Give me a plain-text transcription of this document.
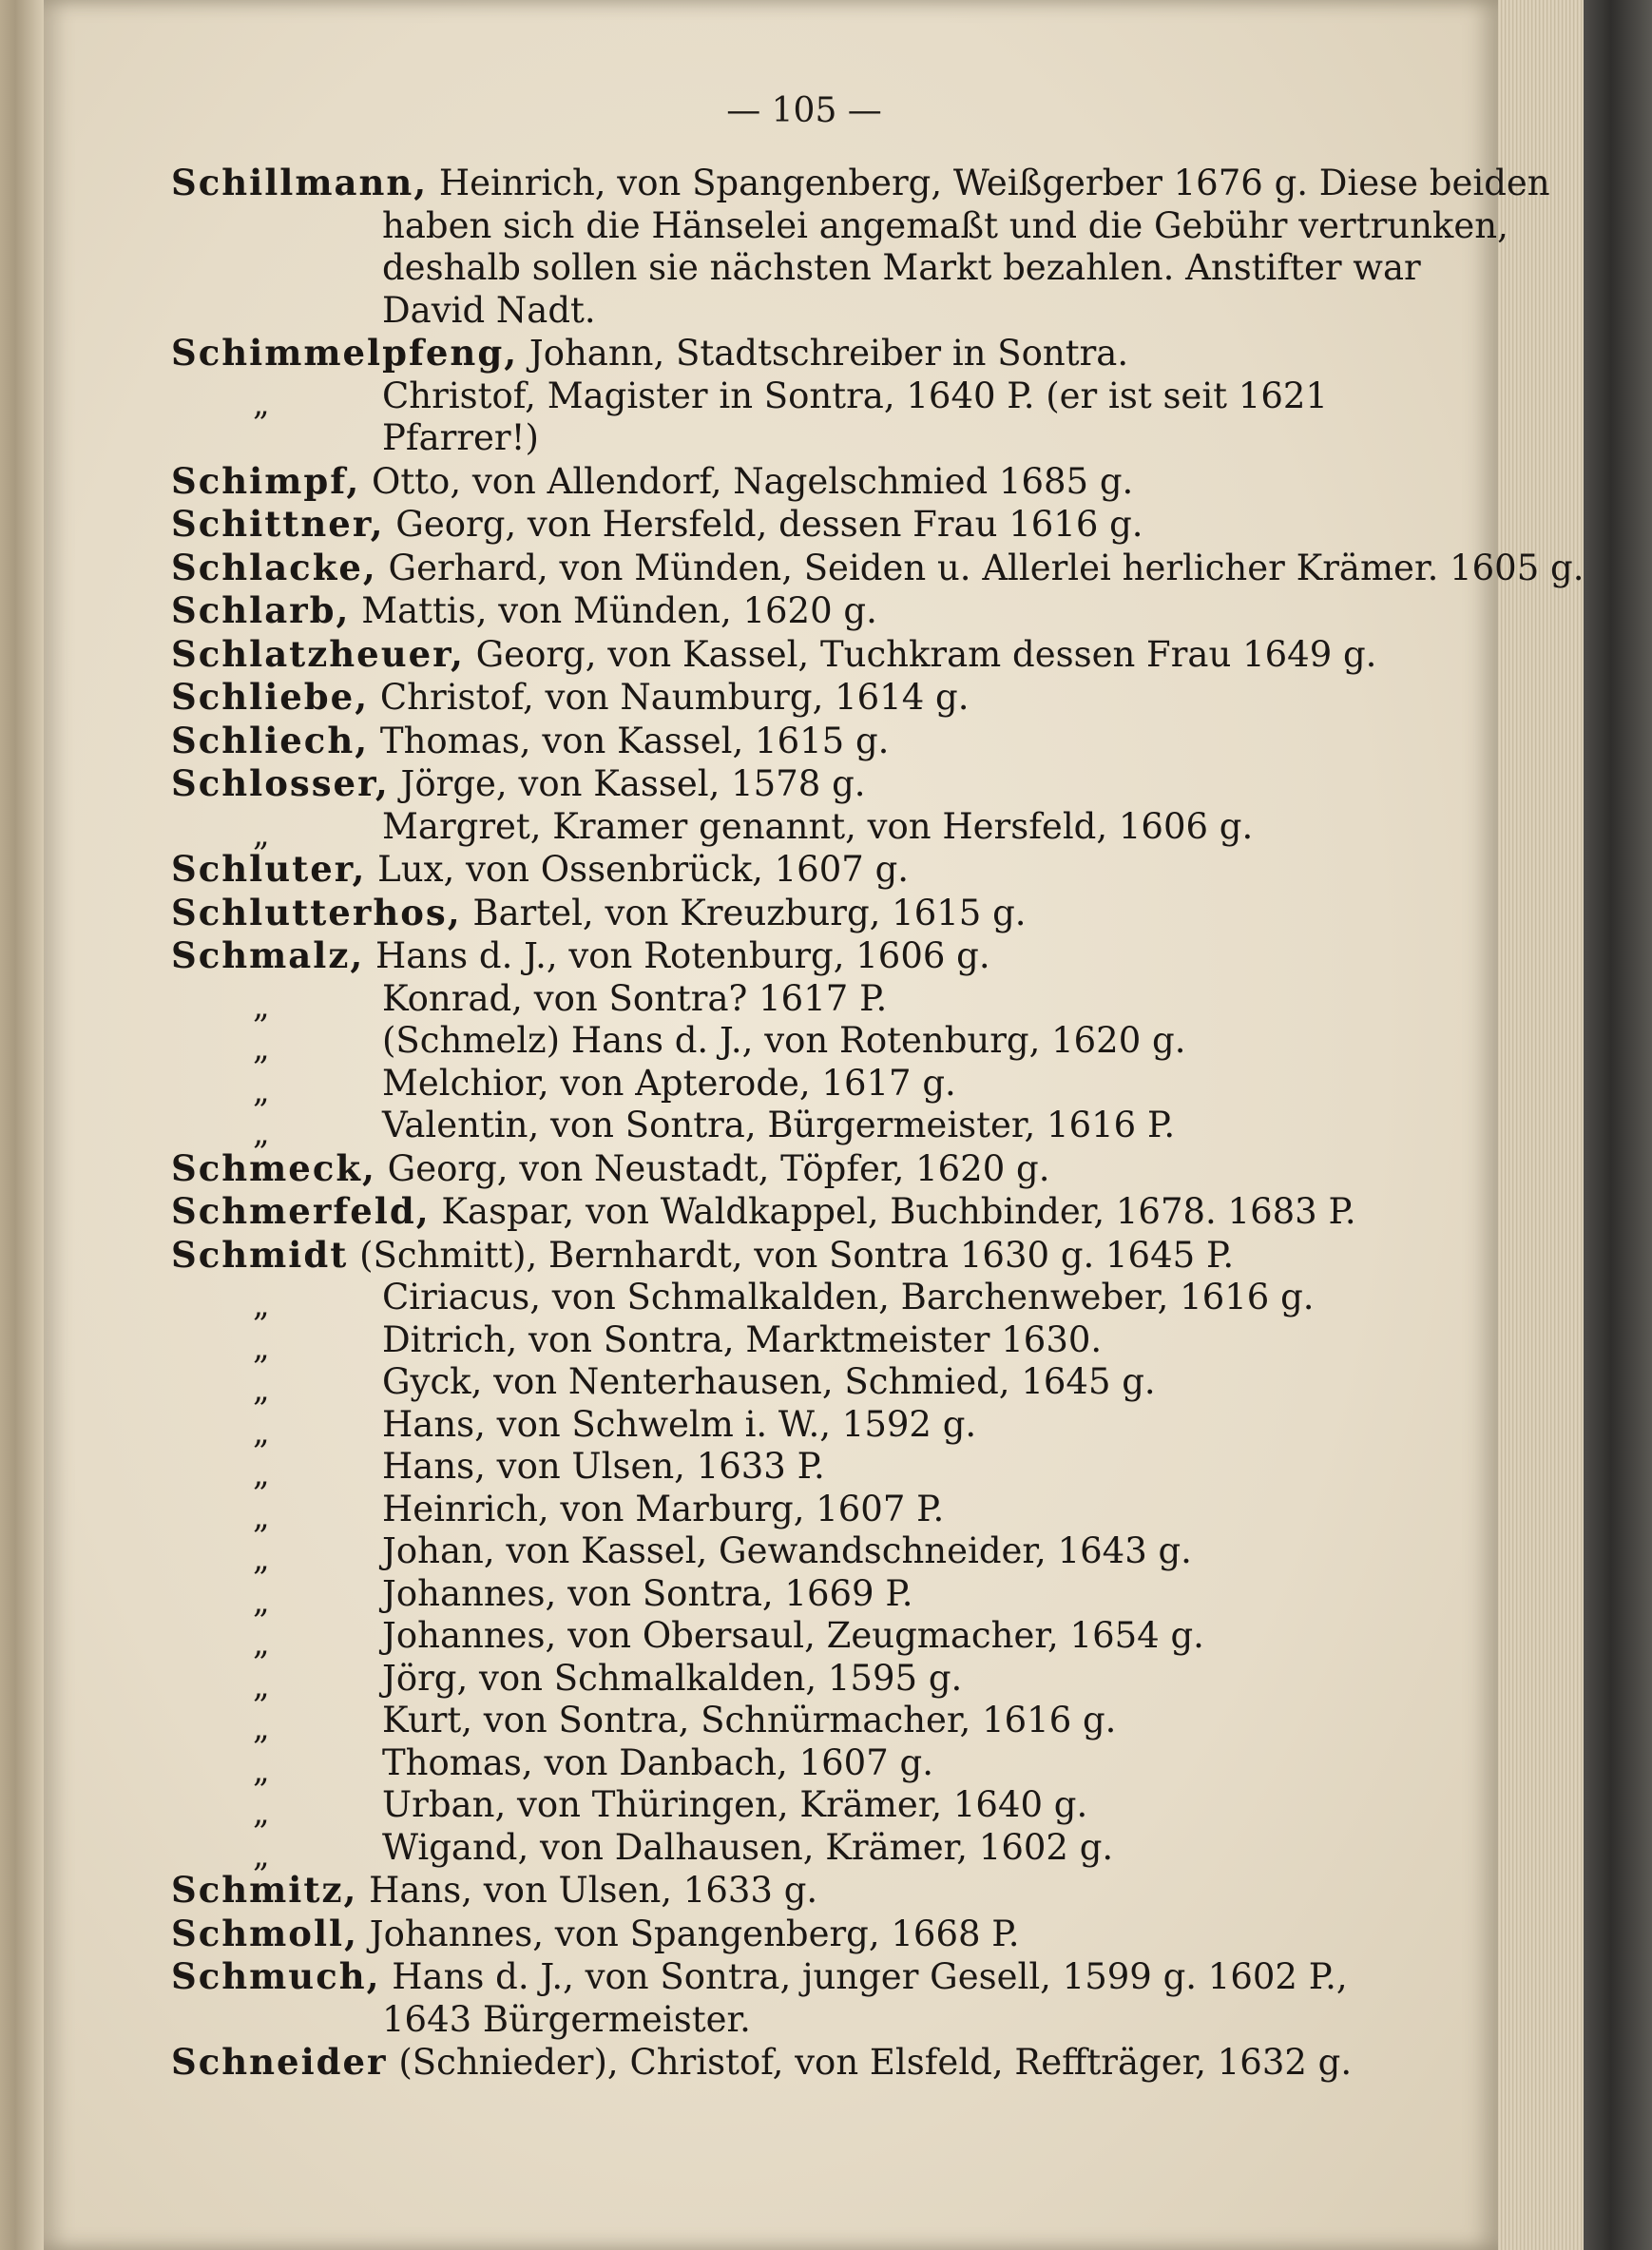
— 105 —
Schillmann, Heinrich, von Spangenberg, Weißgerber 1676 g. Diese beiden
haben sich die Hänselei angemaßt und die Gebühr vertrunken,
deshalb sollen sie nächsten Markt bezahlen. Anstifter war
David Nadt.
Schimmelpfeng, Johann, Stadtschreiber in Sontra.
„	Christof, Magister in Sontra, 1640 P. (er ist seit 1621
Pfarrer!)
Schimpf, Otto, von Allendorf, Nagelschmied 1685 g.
Schittner, Georg, von Hersfeld, dessen Frau 1616 g.
Schlacke, Gerhard, von Münden, Seiden u. Allerlei herlicher Krämer. 1605 g.
Schlarb, Mattis, von Münden, 1620 g.
Schlatzheuer, Georg, von Kassel, Tuchkram dessen Frau 1649 g.
Schliebe, Christof, von Naumburg, 1614 g.
Schliech, Thomas, von Kassel, 1615 g.
Schlosser, Jörge, von Kassel, 1578 g.
„	Margret, Kramer genannt, von Hersfeld, 1606 g.
Schluter, Lux, von Ossenbrück, 1607 g.
Schlutterhos, Bartel, von Kreuzburg, 1615 g.
Schmalz, Hans d. J., von Rotenburg, 1606 g.
„	Konrad, von Sontra? 1617 P.
„	(Schmelz) Hans d. J., von Rotenburg, 1620 g.
„	Melchior, von Apterode, 1617 g.
„	Valentin, von Sontra, Bürgermeister, 1616 P.
Schmeck, Georg, von Neustadt, Töpfer, 1620 g.
Schmerfeld, Kaspar, von Waldkappel, Buchbinder, 1678. 1683 P.
Schmidt (Schmitt), Bernhardt, von Sontra 1630 g. 1645 P.
„	Ciriacus, von Schmalkalden, Barchenweber, 1616 g.
„	Ditrich, von Sontra, Marktmeister 1630.
„	Gyck, von Nenterhausen, Schmied, 1645 g.
„	Hans, von Schwelm i. W., 1592 g.
„	Hans, von Ulsen, 1633 P.
„	Heinrich, von Marburg, 1607 P.
„	Johan, von Kassel, Gewandschneider, 1643 g.
„	Johannes, von Sontra, 1669 P.
„	Johannes, von Obersaul, Zeugmacher, 1654 g.
„	Jörg, von Schmalkalden, 1595 g.
„	Kurt, von Sontra, Schnürmacher, 1616 g.
„	Thomas, von Danbach, 1607 g.
„	Urban, von Thüringen, Krämer, 1640 g.
„	Wigand, von Dalhausen, Krämer, 1602 g.
Schmitz, Hans, von Ulsen, 1633 g.
Schmoll, Johannes, von Spangenberg, 1668 P.
Schmuch, Hans d. J., von Sontra, junger Gesell, 1599 g. 1602 P.,
1643 Bürgermeister.
Schneider (Schnieder), Christof, von Elsfeld, Reffträger, 1632 g.
